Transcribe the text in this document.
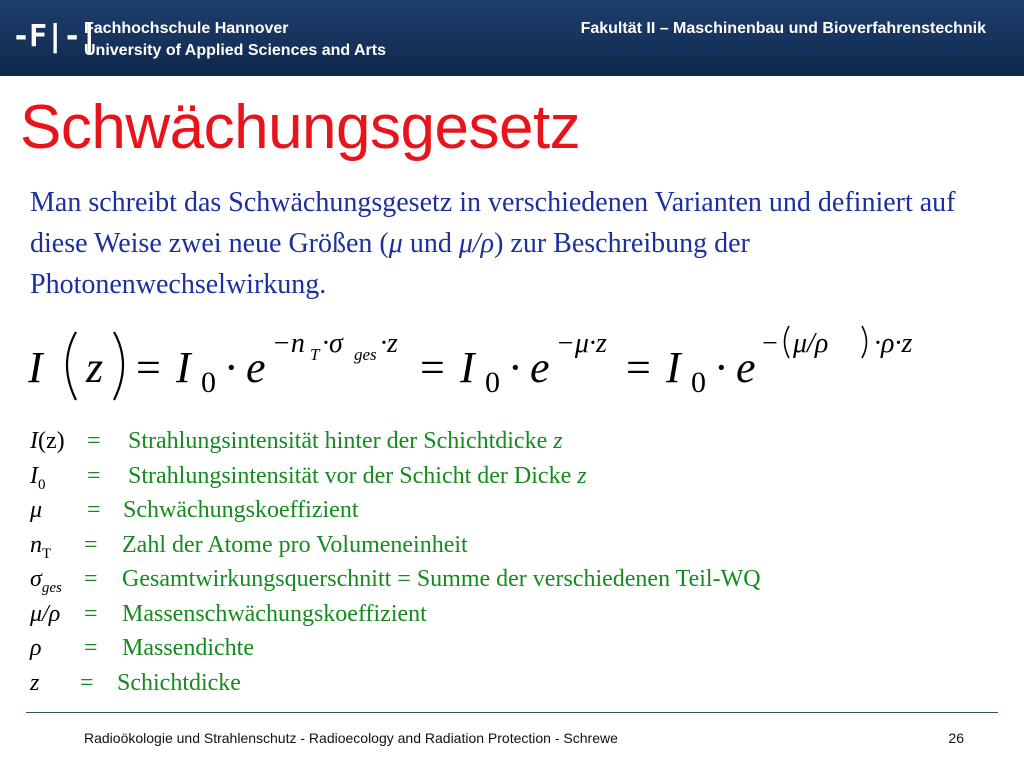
-F|-|
Fachhochschule Hannover
University of Applied Sciences and Arts
Fakultät II – Maschinenbau und Bioverfahrenstechnik
Schwächungsgesetz
Man schreibt das Schwächungsgesetz in verschiedenen Varianten und definiert auf diese Weise zwei neue Größen (μ und μ/ρ) zur Beschreibung der Photonenwechselwirkung.
I z = I 0 · e −n T ·σ ges ·z = I 0 · e −μ·z = I 0 · e − μ/ρ ·ρ·z
I(z) = Strahlungsintensität hinter der Schichtdicke z
$I_0$ = Strahlungsintensität vor der Schicht der Dicke z
μ = Schwächungskoeffizient
$n_T$ = Zahl der Atome pro Volumeneinheit
$\sigma_{ges}$ = Gesamtwirkungsquerschnitt = Summe der verschiedenen Teil-WQ
μ/ρ = Massenschwächungskoeffizient
ρ = Massendichte
z = Schichtdicke
Radioökologie und Strahlenschutz - Radioecology and Radiation Protection - Schrewe	26
